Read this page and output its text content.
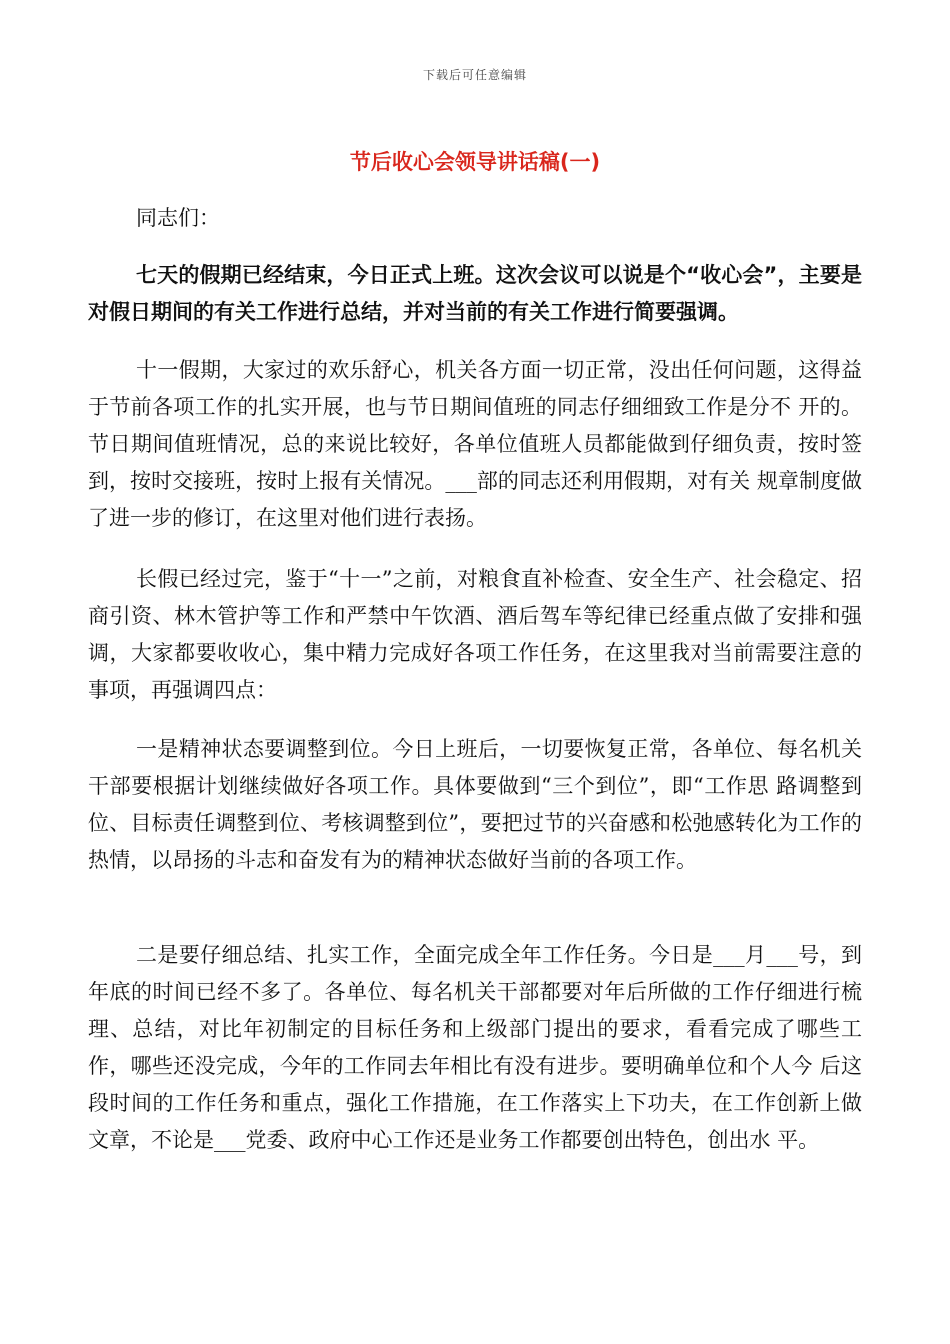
下载后可任意编辑
节后收心会领导讲话稿(一)

同志们：

七天的假期已经结束，今日正式上班。这次会议可以说是个“收心会”，主要是对假日期间的有关工作进行总结，并对当前的有关工作进行简要强调。

十一假期，大家过的欢乐舒心，机关各方面一切正常，没出任何问题，这得益于节前各项工作的扎实开展，也与节日期间值班的同志仔细细致工作是分不 开的。节日期间值班情况，总的来说比较好，各单位值班人员都能做到仔细负责，按时签到，按时交接班，按时上报有关情况。___部的同志还利用假期，对有关 规章制度做了进一步的修订，在这里对他们进行表扬。

长假已经过完，鉴于“十一”之前，对粮食直补检查、安全生产、社会稳定、招商引资、林木管护等工作和严禁中午饮酒、酒后驾车等纪律已经重点做了安排和强调，大家都要收收心，集中精力完成好各项工作任务，在这里我对当前需要注意的事项，再强调四点：

一是精神状态要调整到位。今日上班后，一切要恢复正常，各单位、每名机关干部要根据计划继续做好各项工作。具体要做到“三个到位”，即“工作思 路调整到位、目标责任调整到位、考核调整到位”，要把过节的兴奋感和松弛感转化为工作的热情，以昂扬的斗志和奋发有为的精神状态做好当前的各项工作。

二是要仔细总结、扎实工作，全面完成全年工作任务。今日是___月___号，到年底的时间已经不多了。各单位、每名机关干部都要对年后所做的工作仔细进行梳理、总结，对比年初制定的目标任务和上级部门提出的要求，看看完成了哪些工作，哪些还没完成，今年的工作同去年相比有没有进步。要明确单位和个人今 后这段时间的工作任务和重点，强化工作措施，在工作落实上下功夫，在工作创新上做文章，不论是___党委、政府中心工作还是业务工作都要创出特色，创出水 平。
